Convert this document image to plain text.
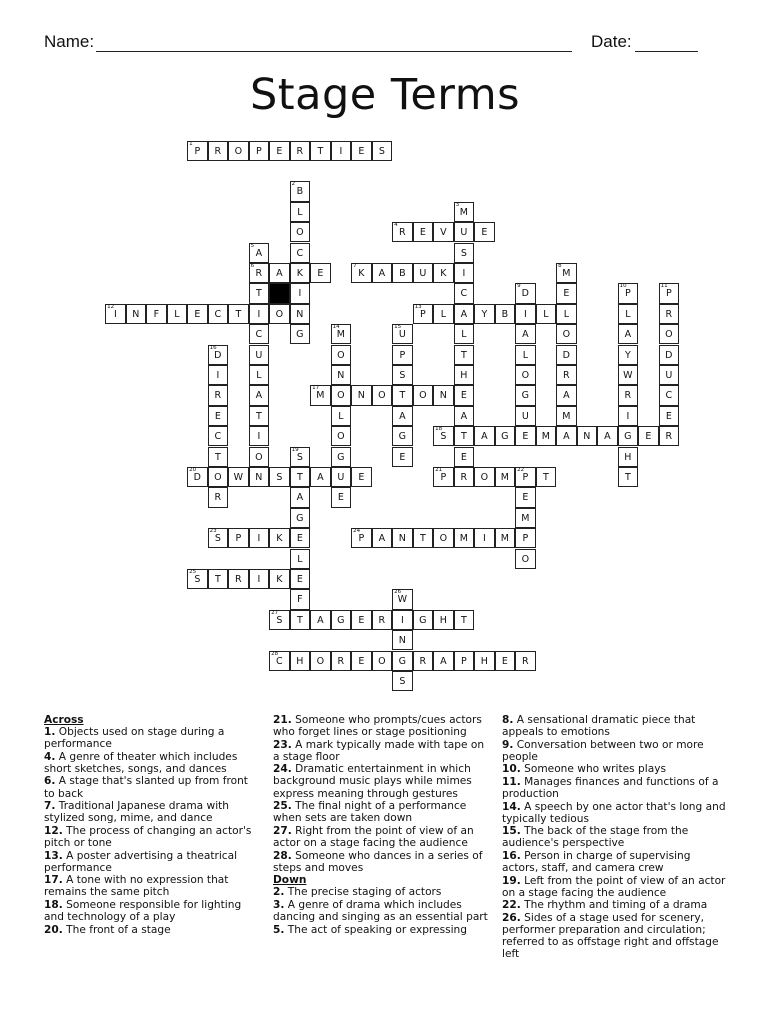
Name:	Date:
Stage Terms
1
P	R	O	P	E	R	T	I	E	S
2
B
L
O
C
K
I
N
G
3
M
U
S
I
C
A
L
T
H
E
A
T
E
R
4
R	E	V	E
5
A
6
R
T
I
C
U
L
A
T
I
O
N
A	E
7
K	A	B	U	K
8
M
E
L
O
D
R
A
M
A
9
D
I
A
L
O
G
U
E
10
P
L
A
Y
W
R
I
G
H
T
11
P
R
O
D
U
C
E
R
12
I	N	F	L	E	C	T	O
13
P	L	Y	B	L
14
M
O
N
O
L
O
G
U
E
15
U
P
S
T
A
G
E
16
D
I
R
E
C
T
O
R
17
M	N	O	O	N
18
S	A	G	M	N	A	E
19
S
T
A
G
E
L
E
F
T
20
D	W	S	A	E
21
P	O	M
22
P	T
E
M
P
O
23
S	P	I	K
24
P	A	N	T	O	M	I	M
25
S	T	R	I	K
26
W
I
N
G
S
27
S	A	G	E	R	G	H	T
28
C	H	O	R	E	O	R	A	P	H	E	R

Across

1. Objects used on stage during a performance

4. A genre of theater which includes short sketches, songs, and dances

6. A stage that's slanted up from front to back

7. Traditional Japanese drama with stylized song, mime, and dance

12. The process of changing an actor's pitch or tone

13. A poster advertising a theatrical performance

17. A tone with no expression that remains the same pitch

18. Someone responsible for lighting and technology of a play

20. The front of a stage

21. Someone who prompts/cues actors who forget lines or stage positioning

23. A mark typically made with tape on a stage floor

24. Dramatic entertainment in which background music plays while mimes express meaning through gestures

25. The final night of a performance when sets are taken down

27. Right from the point of view of an actor on a stage facing the audience

28. Someone who dances in a series of steps and moves

Down

2. The precise staging of actors

3. A genre of drama which includes dancing and singing as an essential part

5. The act of speaking or expressing

8. A sensational dramatic piece that appeals to emotions

9. Conversation between two or more people

10. Someone who writes plays

11. Manages finances and functions of a production

14. A speech by one actor that's long and typically tedious

15. The back of the stage from the audience's perspective

16. Person in charge of supervising actors, staff, and camera crew

19. Left from the point of view of an actor on a stage facing the audience

22. The rhythm and timing of a drama

26. Sides of a stage used for scenery, performer preparation and circulation; referred to as offstage right and offstage left
